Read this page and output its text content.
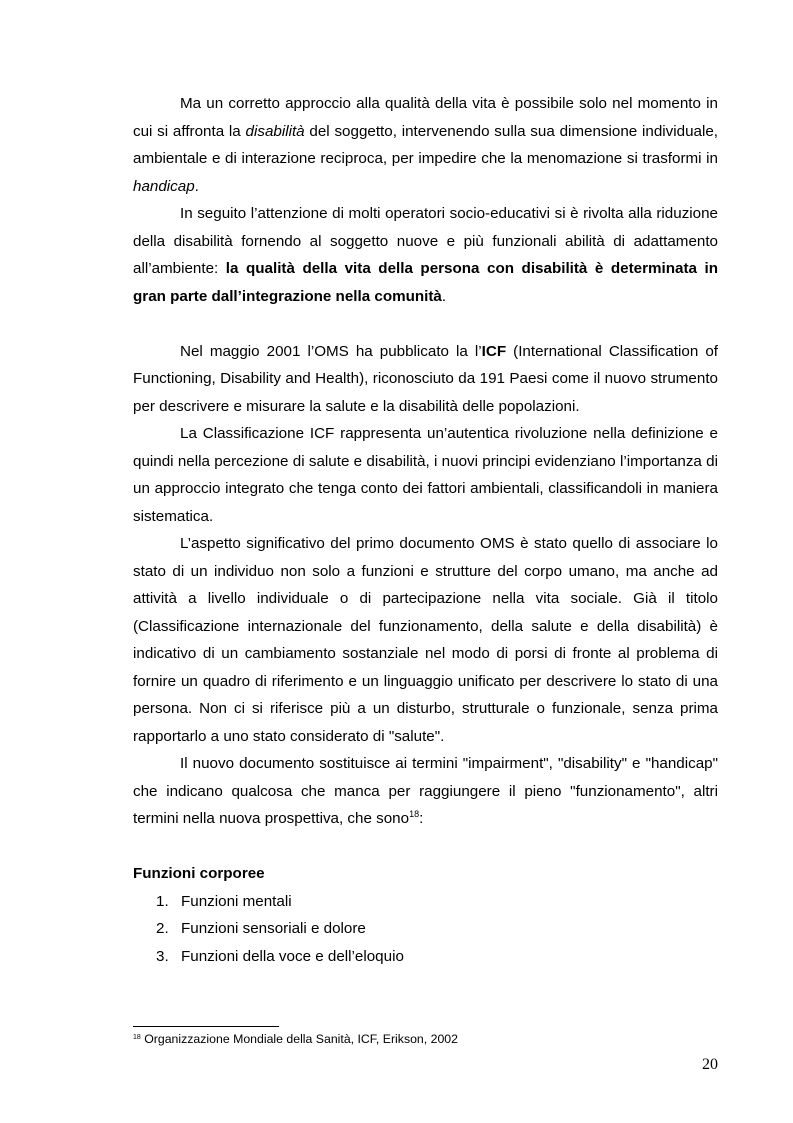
Ma un corretto approccio alla qualità della vita è possibile solo nel momento in cui si affronta la disabilità del soggetto, intervenendo sulla sua dimensione individuale, ambientale e di interazione reciproca, per impedire che la menomazione si trasformi in handicap.

In seguito l’attenzione di molti operatori socio-educativi si è rivolta alla riduzione della disabilità fornendo al soggetto nuove e più funzionali abilità di adattamento all’ambiente: la qualità della vita della persona con disabilità è determinata in gran parte dall’integrazione nella comunità.

Nel maggio 2001 l’OMS ha pubblicato la l’ICF (International Classification of Functioning, Disability and Health), riconosciuto da 191 Paesi come il nuovo strumento per descrivere e misurare la salute e la disabilità delle popolazioni.

La Classificazione ICF rappresenta un’autentica rivoluzione nella definizione e quindi nella percezione di salute e disabilità, i nuovi principi evidenziano l’importanza di un approccio integrato che tenga conto dei fattori ambientali, classificandoli in maniera sistematica.

L’aspetto significativo del primo documento OMS è stato quello di associare lo stato di un individuo non solo a funzioni e strutture del corpo umano, ma anche ad attività a livello individuale o di partecipazione nella vita sociale. Già il titolo (Classificazione internazionale del funzionamento, della salute e della disabilità) è indicativo di un cambiamento sostanziale nel modo di porsi di fronte al problema di fornire un quadro di riferimento e un linguaggio unificato per descrivere lo stato di una persona. Non ci si riferisce più a un disturbo, strutturale o funzionale, senza prima rapportarlo a uno stato considerato di "salute".

Il nuovo documento sostituisce ai termini "impairment", "disability" e "handicap" che indicano qualcosa che manca per raggiungere il pieno "funzionamento", altri termini nella nuova prospettiva, che sono$^{18}$:

Funzioni corporee

1. Funzioni mentali
2. Funzioni sensoriali e dolore
3. Funzioni della voce e dell’eloquio
$^{18}$ Organizzazione Mondiale della Sanità, ICF, Erikson, 2002
20
